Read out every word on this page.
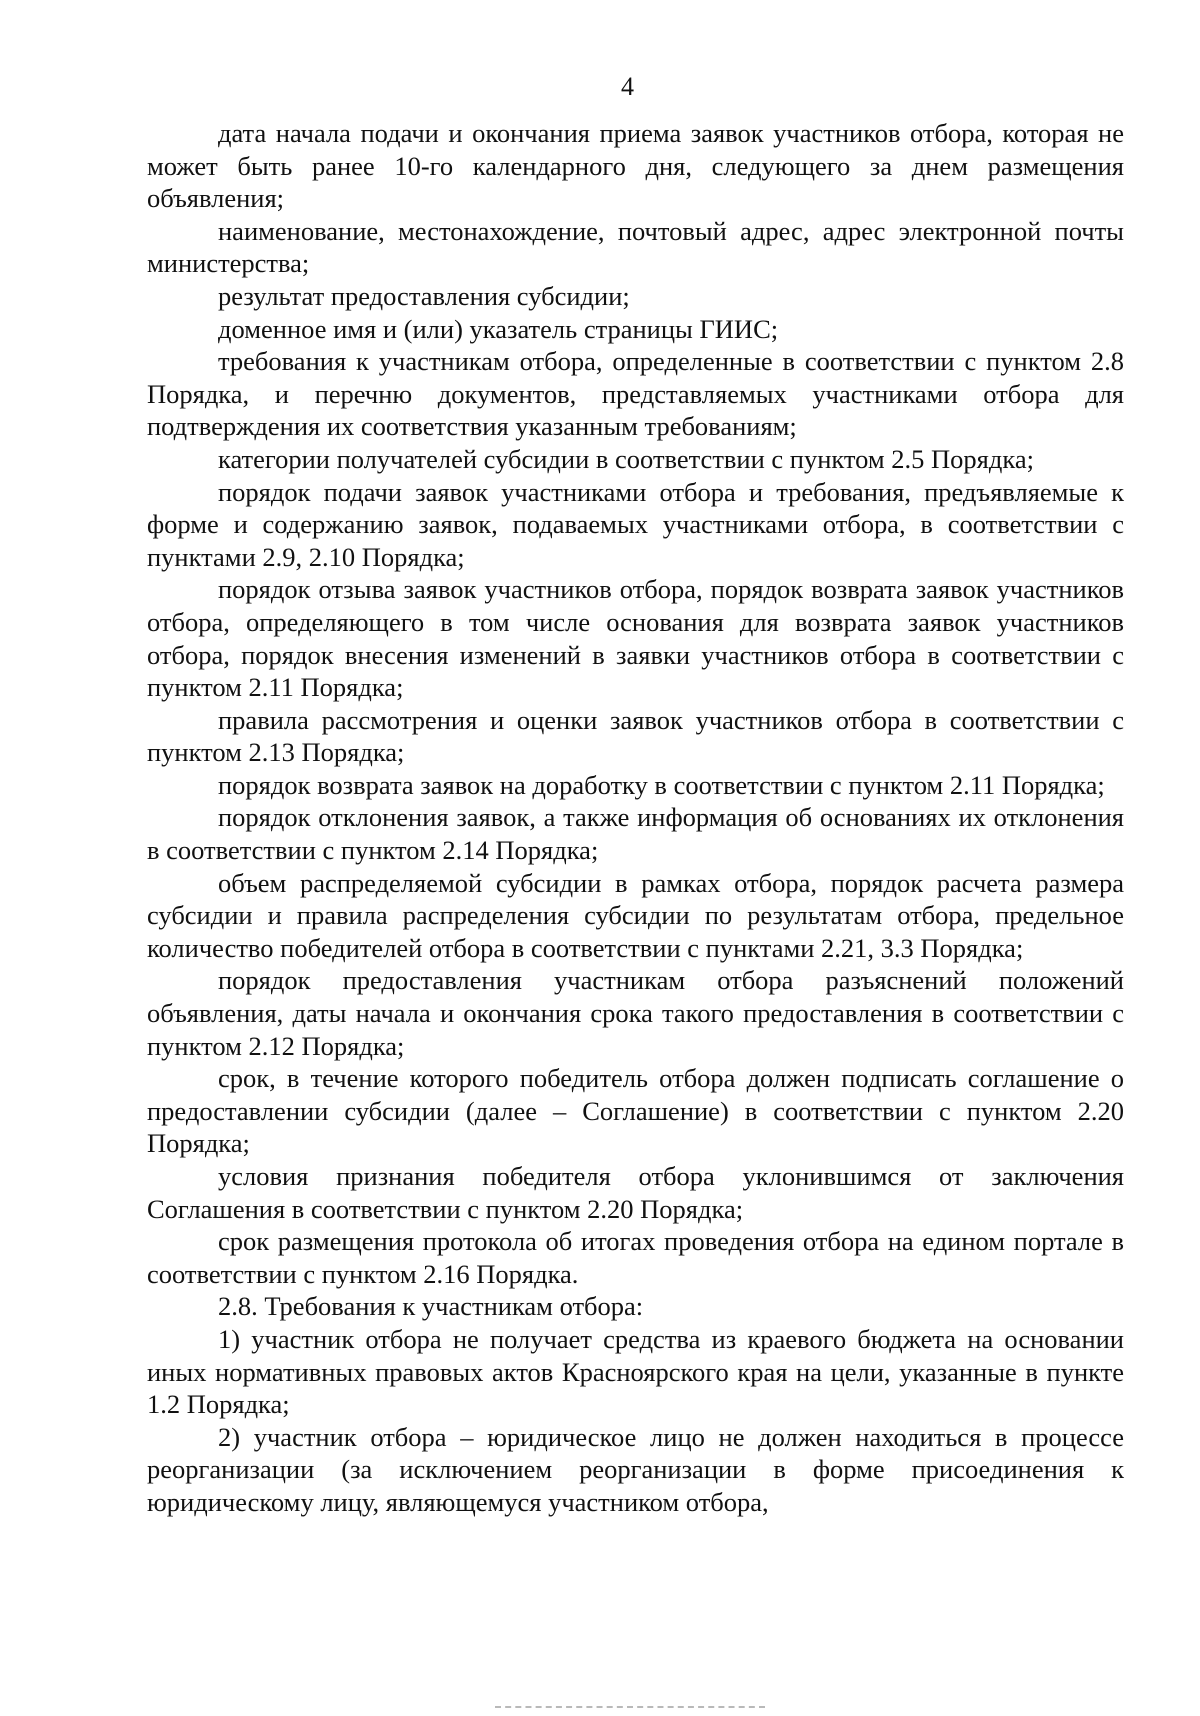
4

дата начала подачи и окончания приема заявок участников отбора, которая не может быть ранее 10-го календарного дня, следующего за днем размещения объявления;

наименование, местонахождение, почтовый адрес, адрес электронной почты министерства;

результат предоставления субсидии;

доменное имя и (или) указатель страницы ГИИС;

требования к участникам отбора, определенные в соответствии с пунктом 2.8 Порядка, и перечню документов, представляемых участниками отбора для подтверждения их соответствия указанным требованиям;

категории получателей субсидии в соответствии с пунктом 2.5 Порядка;

порядок подачи заявок участниками отбора и требования, предъявляемые к форме и содержанию заявок, подаваемых участниками отбора, в соответствии с пунктами 2.9, 2.10 Порядка;

порядок отзыва заявок участников отбора, порядок возврата заявок участников отбора, определяющего в том числе основания для возврата заявок участников отбора, порядок внесения изменений в заявки участников отбора в соответствии с пунктом 2.11 Порядка;

правила рассмотрения и оценки заявок участников отбора в соответствии с пунктом 2.13 Порядка;

порядок возврата заявок на доработку в соответствии с пунктом 2.11 Порядка;

порядок отклонения заявок, а также информация об основаниях их отклонения в соответствии с пунктом 2.14 Порядка;

объем распределяемой субсидии в рамках отбора, порядок расчета размера субсидии и правила распределения субсидии по результатам отбора, предельное количество победителей отбора в соответствии с пунктами 2.21, 3.3 Порядка;

порядок предоставления участникам отбора разъяснений положений объявления, даты начала и окончания срока такого предоставления в соответствии с пунктом 2.12 Порядка;

срок, в течение которого победитель отбора должен подписать соглашение о предоставлении субсидии (далее – Соглашение) в соответствии с пунктом 2.20 Порядка;

условия признания победителя отбора уклонившимся от заключения Соглашения в соответствии с пунктом 2.20 Порядка;

срок размещения протокола об итогах проведения отбора на едином портале в соответствии с пунктом 2.16 Порядка.

2.8. Требования к участникам отбора:

1) участник отбора не получает средства из краевого бюджета на основании иных нормативных правовых актов Красноярского края на цели, указанные в пункте 1.2 Порядка;

2) участник отбора – юридическое лицо не должен находиться в процессе реорганизации (за исключением реорганизации в форме присоединения к юридическому лицу, являющемуся участником отбора,
